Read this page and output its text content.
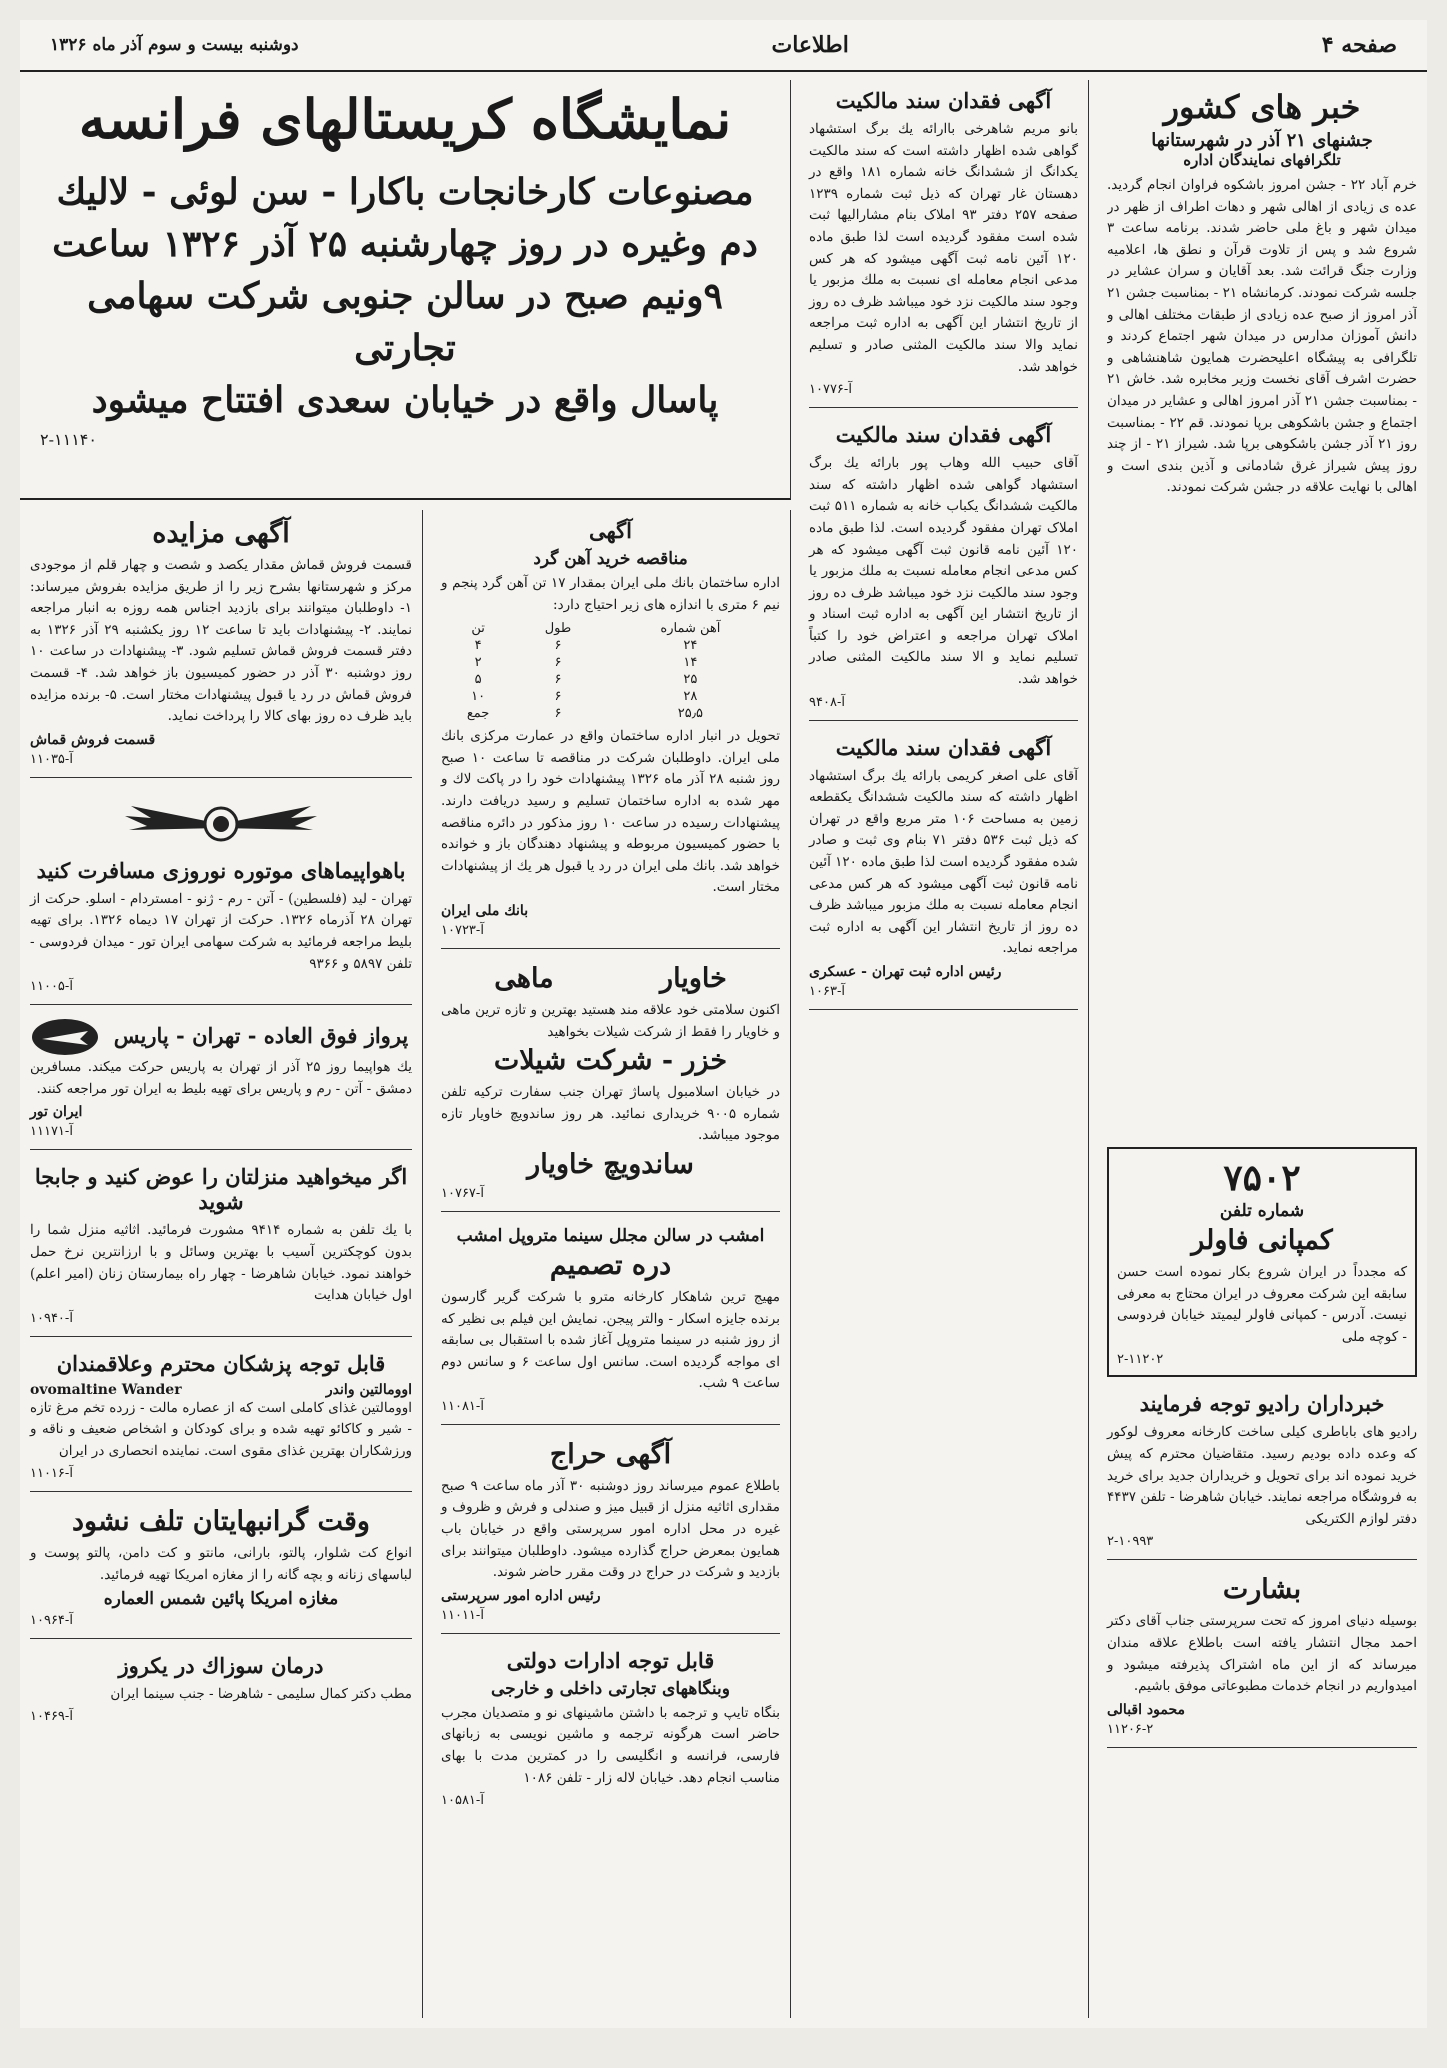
صفحه ۴
اطلاعات
دوشنبه بیست و سوم آذر ماه ۱۳۲۶
خبر های کشور
جشنهای ۲۱ آذر در شهرستانها
تلگرافهای نمایندگان اداره
خرم آباد ۲۲ - جشن امروز باشکوه فراوان انجام گردید. عده ی زیادی از اهالی شهر و دهات اطراف از ظهر در میدان شهر و باغ ملی حاضر شدند. برنامه ساعت ۳ شروع شد و پس از تلاوت قرآن و نطق ها، اعلامیه وزارت جنگ قرائت شد. بعد آقایان و سران عشایر در جلسه شرکت نمودند. کرمانشاه ۲۱ - بمناسبت جشن ۲۱ آذر امروز از صبح عده زیادی از طبقات مختلف اهالی و دانش آموزان مدارس در میدان شهر اجتماع کردند و تلگرافی به پیشگاه اعلیحضرت همایون شاهنشاهی و حضرت اشرف آقای نخست وزیر مخابره شد. خاش ۲۱ - بمناسبت جشن ۲۱ آذر امروز اهالی و عشایر در میدان اجتماع و جشن باشکوهی برپا نمودند. قم ۲۲ - بمناسبت روز ۲۱ آذر جشن باشکوهی برپا شد. شیراز ۲۱ - از چند روز پیش شیراز غرق شادمانی و آذین بندی است و اهالی با نهایت علاقه در جشن شرکت نمودند.
۷۵۰۲
شماره تلفن
کمپانی فاولر
که مجدداً در ایران شروع بکار نموده است حسن سابقه این شرکت معروف در ایران محتاج به معرفی نیست. آدرس - کمپانی فاولر لیمیتد خیابان فردوسی - کوچه ملی
۲-۱۱۲۰۲
خبرداران رادیو توجه فرمایند
رادیو های باباطری کیلی ساخت کارخانه معروف لوکور که وعده داده بودیم رسید. متقاضیان محترم که پیش خرید نموده اند برای تحویل و خریداران جدید برای خرید به فروشگاه مراجعه نمایند. خیابان شاهرضا - تلفن ۴۴۳۷ دفتر لوازم الکتریکی
۲-۱۰۹۹۳
بشارت
بوسیله دنیای امروز که تحت سرپرستی جناب آقای دکتر احمد مجال انتشار یافته است باطلاع علاقه مندان میرساند که از این ماه اشتراک پذیرفته میشود و امیدواریم در انجام خدمات مطبوعاتی موفق باشیم.
محمود اقبالی
۱۱۲۰۶-۲
آگهی فقدان سند مالکیت
بانو مریم شاهرخی باارائه یك برگ استشهاد گواهی شده اظهار داشته است که سند مالکیت یکدانگ از ششدانگ خانه شماره ۱۸۱ واقع در دهستان غار تهران که ذیل ثبت شماره ۱۲۳۹ صفحه ۲۵۷ دفتر ۹۳ املاک بنام مشارالیها ثبت شده است مفقود گردیده است لذا طبق ماده ۱۲۰ آئین نامه ثبت آگهی میشود که هر کس مدعی انجام معامله ای نسبت به ملك مزبور یا وجود سند مالکیت نزد خود میباشد ظرف ده روز از تاریخ انتشار این آگهی به اداره ثبت مراجعه نماید والا سند مالکیت المثنی صادر و تسلیم خواهد شد.
آ-۱۰۷۷۶
آگهی فقدان سند مالکیت
آقای حبیب الله وهاب پور بارائه یك برگ استشهاد گواهی شده اظهار داشته که سند مالکیت ششدانگ یکباب خانه به شماره ۵۱۱ ثبت املاک تهران مفقود گردیده است. لذا طبق ماده ۱۲۰ آئین نامه قانون ثبت آگهی میشود که هر کس مدعی انجام معامله نسبت به ملك مزبور یا وجود سند مالکیت نزد خود میباشد ظرف ده روز از تاریخ انتشار این آگهی به اداره ثبت اسناد و املاک تهران مراجعه و اعتراض خود را کتباً تسلیم نماید و الا سند مالکیت المثنی صادر خواهد شد.
آ-۹۴۰۸
آگهی فقدان سند مالکیت
آقای علی اصغر کریمی بارائه یك برگ استشهاد اظهار داشته که سند مالکیت ششدانگ یکقطعه زمین به مساحت ۱۰۶ متر مربع واقع در تهران که ذیل ثبت ۵۳۶ دفتر ۷۱ بنام وی ثبت و صادر شده مفقود گردیده است لذا طبق ماده ۱۲۰ آئین نامه قانون ثبت آگهی میشود که هر کس مدعی انجام معامله نسبت به ملك مزبور میباشد ظرف ده روز از تاریخ انتشار این آگهی به اداره ثبت مراجعه نماید.
رئیس اداره ثبت تهران - عسکری
آ-۱۰۶۳
نمایشگاه کریستالهای فرانسه
مصنوعات کارخانجات باکارا - سن لوئی - لالیك
دم وغیره در روز چهارشنبه ۲۵ آذر ۱۳۲۶ ساعت
۹ونیم صبح در سالن جنوبی شرکت سهامی تجارتی
پاسال واقع در خیابان سعدی افتتاح میشود
۲-۱۱۱۴۰
آگهی
مناقصه خرید آهن گرد
اداره ساختمان بانك ملی ایران بمقدار ۱۷ تن آهن گرد پنجم و نیم ۶ متری با اندازه های زیر احتیاج دارد:
آهن شماره	طول	تن
۲۴	۶	۴
۱۴	۶	۲
۲۵	۶	۵
۲۸	۶	۱۰
۲۵٫۵	۶	جمع
تحویل در انبار اداره ساختمان واقع در عمارت مرکزی بانك ملی ایران. داوطلبان شرکت در مناقصه تا ساعت ۱۰ صبح روز شنبه ۲۸ آذر ماه ۱۳۲۶ پیشنهادات خود را در پاکت لاك و مهر شده به اداره ساختمان تسلیم و رسید دریافت دارند. پیشنهادات رسیده در ساعت ۱۰ روز مذکور در دائره مناقصه با حضور کمیسیون مربوطه و پیشنهاد دهندگان باز و خوانده خواهد شد. بانك ملی ایران در رد یا قبول هر یك از پیشنهادات مختار است.
بانك ملی ایران
آ-۱۰۷۲۳
خاویار
ماهی
اکنون سلامتی خود علاقه مند هستید بهترین و تازه ترین ماهی و خاویار را فقط از شرکت شیلات بخواهید
خزر - شرکت شیلات
در خیابان اسلامبول پاساژ تهران جنب سفارت ترکیه تلفن شماره ۹۰۰۵ خریداری نمائید. هر روز ساندویچ خاویار تازه موجود میباشد.
ساندویچ خاویار
آ-۱۰۷۶۷
امشب در سالن مجلل سینما متروپل امشب
دره تصمیم
مهیج ترین شاهکار کارخانه مترو با شرکت گریر گارسون برنده جایزه اسکار - والتر پیجن. نمایش این فیلم بی نظیر که از روز شنبه در سینما متروپل آغاز شده با استقبال بی سابقه ای مواجه گردیده است. سانس اول ساعت ۶ و سانس دوم ساعت ۹ شب.
آ-۱۱۰۸۱
آگهی حراج
باطلاع عموم میرساند روز دوشنبه ۳۰ آذر ماه ساعت ۹ صبح مقداری اثاثیه منزل از قبیل میز و صندلی و فرش و ظروف و غیره در محل اداره امور سرپرستی واقع در خیابان باب همایون بمعرض حراج گذارده میشود. داوطلبان میتوانند برای بازدید و شرکت در حراج در وقت مقرر حاضر شوند.
رئیس اداره امور سرپرستی
آ-۱۱۰۱۱
قابل توجه ادارات دولتی
وبنگاههای تجارتی داخلی و خارجی
بنگاه تایپ و ترجمه با داشتن ماشینهای نو و متصدیان مجرب حاضر است هرگونه ترجمه و ماشین نویسی به زبانهای فارسی، فرانسه و انگلیسی را در کمترین مدت با بهای مناسب انجام دهد. خیابان لاله زار - تلفن ۱۰۸۶
آ-۱۰۵۸۱
آگهی مزایده
قسمت فروش قماش مقدار یکصد و شصت و چهار قلم از موجودی مرکز و شهرستانها بشرح زیر را از طریق مزایده بفروش میرساند: ۱- داوطلبان میتوانند برای بازدید اجناس همه روزه به انبار مراجعه نمایند. ۲- پیشنهادات باید تا ساعت ۱۲ روز یکشنبه ۲۹ آذر ۱۳۲۶ به دفتر قسمت فروش قماش تسلیم شود. ۳- پیشنهادات در ساعت ۱۰ روز دوشنبه ۳۰ آذر در حضور کمیسیون باز خواهد شد. ۴- قسمت فروش قماش در رد یا قبول پیشنهادات مختار است. ۵- برنده مزایده باید ظرف ده روز بهای کالا را پرداخت نماید.
قسمت فروش قماش
آ-۱۱۰۳۵
باهواپیماهای موتوره نوروزی مسافرت کنید
تهران - لید (فلسطین) - آتن - رم - ژنو - امستردام - اسلو. حرکت از تهران ۲۸ آذرماه ۱۳۲۶. حرکت از تهران ۱۷ دیماه ۱۳۲۶. برای تهیه بلیط مراجعه فرمائید به شرکت سهامی ایران تور - میدان فردوسی - تلفن ۵۸۹۷ و ۹۳۶۶
آ-۱۱۰۰۵
پرواز فوق العاده - تهران - پاریس
یك هواپیما روز ۲۵ آذر از تهران به پاریس حرکت میکند. مسافرین دمشق - آتن - رم و پاریس برای تهیه بلیط به ایران تور مراجعه کنند.
ایران تور
آ-۱۱۱۷۱
اگر میخواهید منزلتان را عوض کنید و جابجا شوید
با یك تلفن به شماره ۹۴۱۴ مشورت فرمائید. اثاثیه منزل شما را بدون کوچکترین آسیب با بهترین وسائل و با ارزانترین نرخ حمل خواهند نمود. خیابان شاهرضا - چهار راه بیمارستان زنان (امیر اعلم) اول خیابان هدایت
آ-۱۰۹۴۰
قابل توجه پزشکان محترم وعلاقمندان
اوومالتین واندر
ovomaltine Wander
اوومالتین غذای کاملی است که از عصاره مالت - زرده تخم مرغ تازه - شیر و کاکائو تهیه شده و برای کودکان و اشخاص ضعیف و ناقه و ورزشکاران بهترین غذای مقوی است. نماینده انحصاری در ایران
آ-۱۱۰۱۶
وقت گرانبهایتان تلف نشود
انواع کت شلوار، پالتو، بارانی، مانتو و کت دامن، پالتو پوست و لباسهای زنانه و بچه گانه را از مغازه امریکا تهیه فرمائید.
مغازه امریکا پائین شمس العماره
آ-۱۰۹۶۴
درمان سوزاك در یکروز
مطب دکتر کمال سلیمی - شاهرضا - جنب سینما ایران
آ-۱۰۴۶۹
